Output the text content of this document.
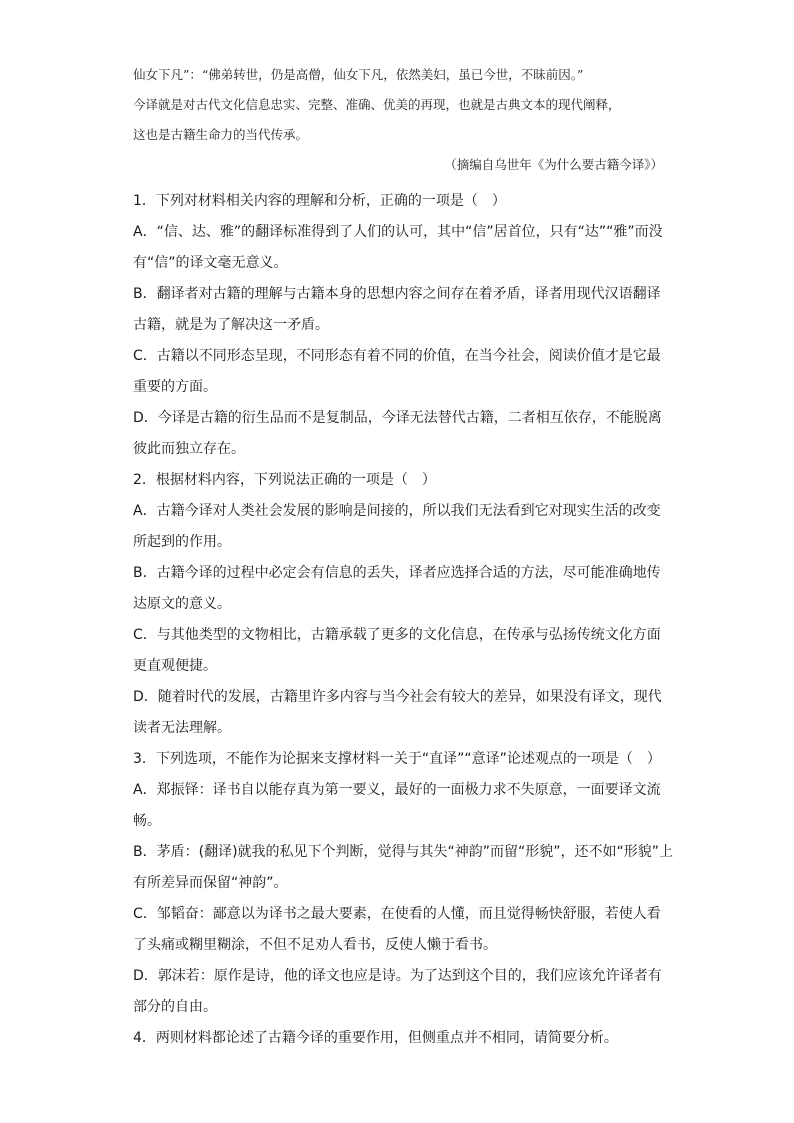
仙女下凡”：“佛弟转世，仍是高僧，仙女下凡，依然美妇，虽已今世，不昧前因。”

今译就是对古代文化信息忠实、完整、准确、优美的再现，也就是古典文本的现代阐释，

这也是古籍生命力的当代传承。

（摘编自乌世年《为什么要古籍今译》）

1．下列对材料相关内容的理解和分析，正确的一项是（　）

A．“信、达、雅”的翻译标准得到了人们的认可，其中“信”居首位，只有“达”“雅”而没

有“信”的译文毫无意义。

B．翻译者对古籍的理解与古籍本身的思想内容之间存在着矛盾，译者用现代汉语翻译

古籍，就是为了解决这一矛盾。

C．古籍以不同形态呈现，不同形态有着不同的价值，在当今社会，阅读价值才是它最

重要的方面。

D．今译是古籍的衍生品而不是复制品，今译无法替代古籍，二者相互依存，不能脱离

彼此而独立存在。

2．根据材料内容，下列说法正确的一项是（　）

A．古籍今译对人类社会发展的影响是间接的，所以我们无法看到它对现实生活的改变

所起到的作用。

B．古籍今译的过程中必定会有信息的丢失，译者应选择合适的方法，尽可能准确地传

达原文的意义。

C．与其他类型的文物相比，古籍承载了更多的文化信息，在传承与弘扬传统文化方面

更直观便捷。

D．随着时代的发展，古籍里许多内容与当今社会有较大的差异，如果没有译文，现代

读者无法理解。

3．下列选项，不能作为论据来支撑材料一关于“直译”“意译”论述观点的一项是（　）

A．郑振铎：译书自以能存真为第一要义，最好的一面极力求不失原意，一面要译文流

畅。

B．茅盾：(翻译)就我的私见下个判断，觉得与其失“神韵”而留“形貌”，还不如“形貌”上

有所差异而保留“神韵”。

C．邹韬奋：鄙意以为译书之最大要素，在使看的人懂，而且觉得畅快舒服，若使人看

了头痛或糊里糊涂，不但不足劝人看书，反使人懒于看书。

D．郭沫若：原作是诗，他的译文也应是诗。为了达到这个目的，我们应该允许译者有

部分的自由。

4．两则材料都论述了古籍今译的重要作用，但侧重点并不相同，请简要分析。
